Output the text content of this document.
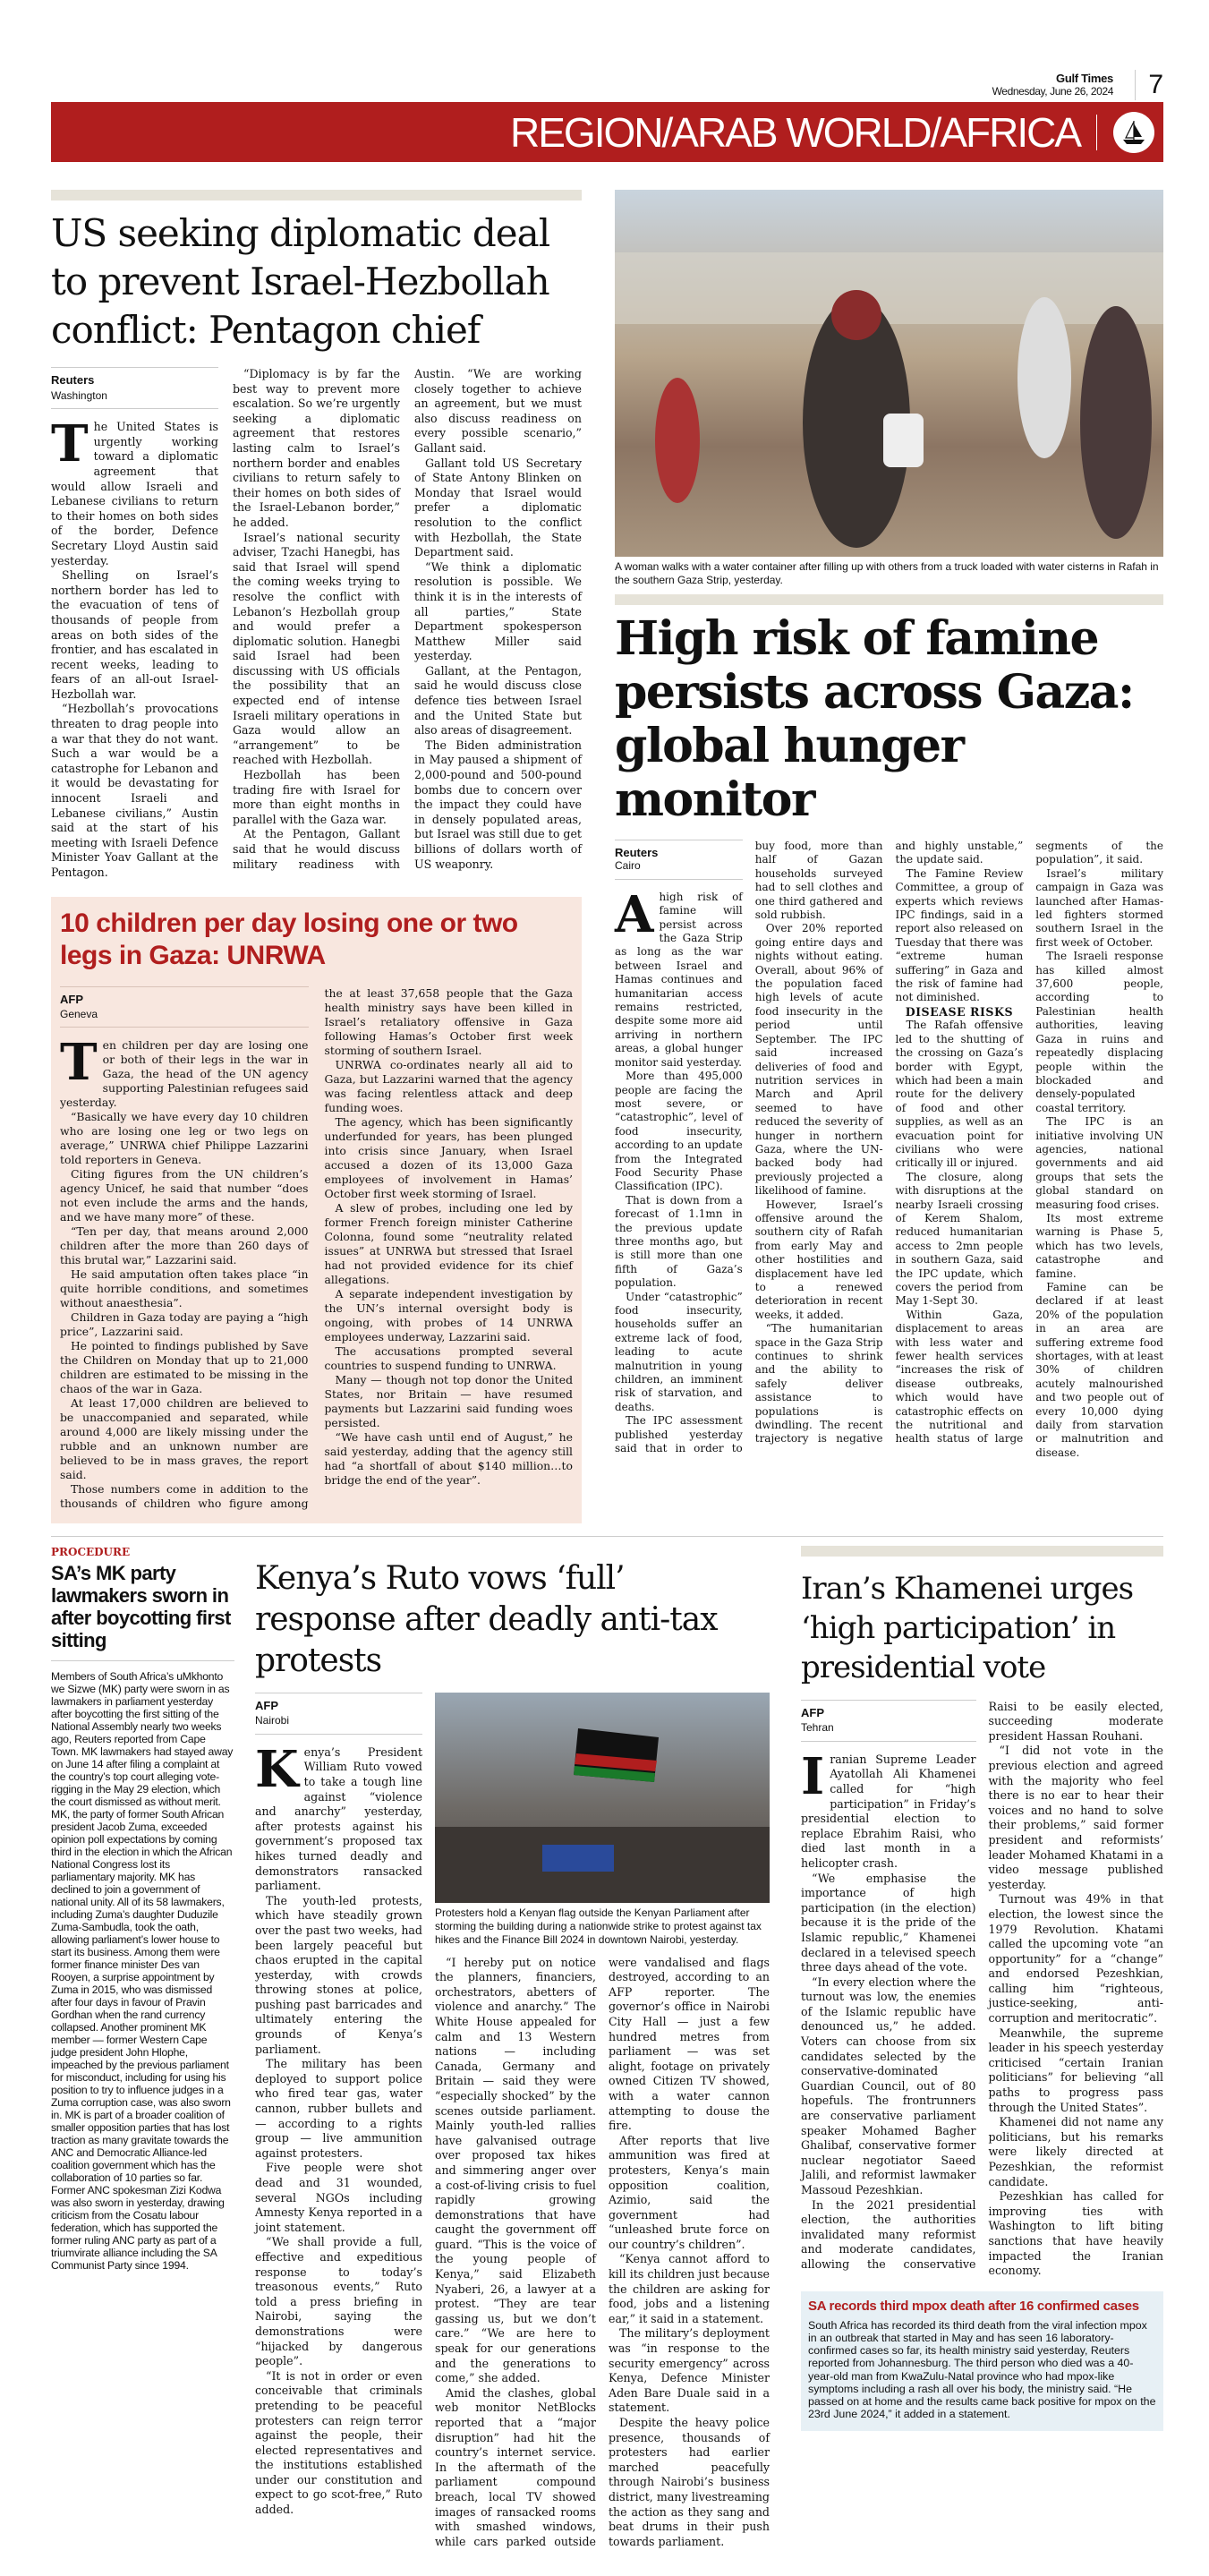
Gulf Times
Wednesday, June 26, 2024	7
REGION/ARAB WORLD/AFRICA
US seeking diplomatic deal to prevent Israel-Hezbollah conflict: Pentagon chief
Reuters
Washington

The United States is urgently working toward a diplomatic agreement that would allow Israeli and Lebanese civilians to return to their homes on both sides of the border, Defence Secretary Lloyd Austin said yesterday.

Shelling on Israel’s northern border has led to the evacuation of tens of thousands of people from areas on both sides of the frontier, and has escalated in recent weeks, leading to fears of an all-out Israel-Hezbollah war.

“Hezbollah’s provocations threaten to drag people into a war that they do not want. Such a war would be a catastrophe for Lebanon and it would be devastating for innocent Israeli and Lebanese civilians,” Austin said at the start of his meeting with Israeli Defence Minister Yoav Gallant at the Pentagon.

“Diplomacy is by far the best way to prevent more escalation. So we’re urgently seeking a diplomatic agreement that restores lasting calm to Israel’s northern border and enables civilians to return safely to their homes on both sides of the Israel-Lebanon border,” he added.

Israel’s national security adviser, Tzachi Hanegbi, has said that Israel will spend the coming weeks trying to resolve the conflict with Lebanon’s Hezbollah group and would prefer a diplomatic solution. Hanegbi said Israel had been discussing with US officials the possibility that an expected end of intense Israeli military operations in Gaza would allow an “arrangement” to be reached with Hezbollah.

Hezbollah has been trading fire with Israel for more than eight months in parallel with the Gaza war.

At the Pentagon, Gallant said that he would discuss military readiness with Austin. “We are working closely together to achieve an agreement, but we must also discuss readiness on every possible scenario,” Gallant said.

Gallant told US Secretary of State Antony Blinken on Monday that Israel would prefer a diplomatic resolution to the conflict with Hezbollah, the State Department said.

“We think a diplomatic resolution is possible. We think it is in the interests of all parties,” State Department spokesperson Matthew Miller said yesterday.

Gallant, at the Pentagon, said he would discuss close defence ties between Israel and the United State but also areas of disagreement.

The Biden administration in May paused a shipment of 2,000-pound and 500-pound bombs due to concern over the impact they could have in densely populated areas, but Israel was still due to get billions of dollars worth of US weaponry.

10 children per day losing one or two legs in Gaza: UNRWA
AFP
Geneva

Ten children per day are losing one or both of their legs in the war in Gaza, the head of the UN agency supporting Palestinian refugees said yesterday.

“Basically we have every day 10 children who are losing one leg or two legs on average,” UNRWA chief Philippe Lazzarini told reporters in Geneva.

Citing figures from the UN children’s agency Unicef, he said that number “does not even include the arms and the hands, and we have many more” of these.

“Ten per day, that means around 2,000 children after the more than 260 days of this brutal war,” Lazzarini said.

He said amputation often takes place “in quite horrible conditions, and sometimes without anaesthesia”.

Children in Gaza today are paying a “high price”, Lazzarini said.

He pointed to findings published by Save the Children on Monday that up to 21,000 children are estimated to be missing in the chaos of the war in Gaza.

At least 17,000 children are believed to be unaccompanied and separated, while around 4,000 are likely missing under the rubble and an unknown number are believed to be in mass graves, the report said.

Those numbers come in addition to the thousands of children who figure among the at least 37,658 people that the Gaza health ministry says have been killed in Israel’s retaliatory offensive in Gaza following Hamas’s October first week storming of southern Israel.

UNRWA co-ordinates nearly all aid to Gaza, but Lazzarini warned that the agency was facing relentless attack and deep funding woes.

The agency, which has been significantly underfunded for years, has been plunged into crisis since January, when Israel accused a dozen of its 13,000 Gaza employees of involvement in Hamas’ October first week storming of Israel.

A slew of probes, including one led by former French foreign minister Catherine Colonna, found some “neutrality related issues” at UNRWA but stressed that Israel had not provided evidence for its chief allegations.

A separate independent investigation by the UN’s internal oversight body is ongoing, with probes of 14 UNRWA employees underway, Lazzarini said.

The accusations prompted several countries to suspend funding to UNRWA.

Many — though not top donor the United States, nor Britain — have resumed payments but Lazzarini said funding woes persisted.

“We have cash until end of August,” he said yesterday, adding that the agency still had “a shortfall of about $140 million…to bridge the end of the year”.

A woman walks with a water container after filling up with others from a truck loaded with water cisterns in Rafah in the southern Gaza Strip, yesterday.
High risk of famine persists across Gaza: global hunger monitor
Reuters
Cairo

Ahigh risk of famine will persist across the Gaza Strip as long as the war between Israel and Hamas continues and humanitarian access remains restricted, despite some more aid arriving in northern areas, a global hunger monitor said yesterday.

More than 495,000 people are facing the most severe, or “catastrophic”, level of food insecurity, according to an update from the Integrated Food Security Phase Classification (IPC).

That is down from a forecast of 1.1mn in the previous update three months ago, but is still more than one fifth of Gaza’s population.

Under “catastrophic” food insecurity, households suffer an extreme lack of food, leading to acute malnutrition in young children, an imminent risk of starvation, and deaths.

The IPC assessment published yesterday said that in order to buy food, more than half of Gazan households surveyed had to sell clothes and one third gathered and sold rubbish.

Over 20% reported going entire days and nights without eating. Overall, about 96% of the population faced high levels of acute food insecurity in the period until September. The IPC said increased deliveries of food and nutrition services in March and April seemed to have reduced the severity of hunger in northern Gaza, where the UN-backed body had previously projected a likelihood of famine.

However, Israel’s offensive around the southern city of Rafah from early May and other hostilities and displacement have led to a renewed deterioration in recent weeks, it added.

“The humanitarian space in the Gaza Strip continues to shrink and the ability to safely deliver assistance to populations is dwindling. The recent trajectory is negative and highly unstable,” the update said.

The Famine Review Committee, a group of experts which reviews IPC findings, said in a report also released on Tuesday that there was “extreme human suffering” in Gaza and the risk of famine had not diminished.

DISEASE RISKS

The Rafah offensive led to the shutting of the crossing on Gaza’s border with Egypt, which had been a main route for the delivery of food and other supplies, as well as an evacuation point for civilians who were critically ill or injured.

The closure, along with disruptions at the nearby Israeli crossing of Kerem Shalom, reduced humanitarian access to 2mn people in southern Gaza, said the IPC update, which covers the period from May 1-Sept 30.

Within Gaza, displacement to areas with less water and fewer health services “increases the risk of disease outbreaks, which would have catastrophic effects on the nutritional and health status of large segments of the population”, it said.

Israel’s military campaign in Gaza was launched after Hamas-led fighters stormed southern Israel in the first week of October.

The Israeli response has killed almost 37,600 people, according to Palestinian health authorities, leaving Gaza in ruins and repeatedly displacing people within the blockaded and densely-populated coastal territory.

The IPC is an initiative involving UN agencies, national governments and aid groups that sets the global standard on measuring food crises.

Its most extreme warning is Phase 5, which has two levels, catastrophe and famine.

Famine can be declared if at least 20% of the population in an area are suffering extreme food shortages, with at least 30% of children acutely malnourished and two people out of every 10,000 dying daily from starvation or malnutrition and disease.

PROCEDURE
SA’s MK party lawmakers sworn in after boycotting first sitting

Members of South Africa’s uMkhonto we Sizwe (MK) party were sworn in as lawmakers in parliament yesterday after boycotting the first sitting of the National Assembly nearly two weeks ago, Reuters reported from Cape Town. MK lawmakers had stayed away on June 14 after filing a complaint at the country’s top court alleging vote-rigging in the May 29 election, which the court dismissed as without merit. MK, the party of former South African president Jacob Zuma, exceeded opinion poll expectations by coming third in the election in which the African National Congress lost its parliamentary majority. MK has declined to join a government of national unity. All of its 58 lawmakers, including Zuma’s daughter Duduzile Zuma-Sambudla, took the oath, allowing parliament’s lower house to start its business. Among them were former finance minister Des van Rooyen, a surprise appointment by Zuma in 2015, who was dismissed after four days in favour of Pravin Gordhan when the rand currency collapsed. Another prominent MK member — former Western Cape judge president John Hlophe, impeached by the previous parliament for misconduct, including for using his position to try to influence judges in a Zuma corruption case, was also sworn in. MK is part of a broader coalition of smaller opposition parties that has lost traction as many gravitate towards the ANC and Democratic Alliance-led coalition government which has the collaboration of 10 parties so far. Former ANC spokesman Zizi Kodwa was also sworn in yesterday, drawing criticism from the Cosatu labour federation, which has supported the former ruling ANC party as part of a triumvirate alliance including the SA Communist Party since 1994.

Kenya’s Ruto vows ‘full’ response after deadly anti-tax protests
AFP
Nairobi

Kenya’s President William Ruto vowed to take a tough line against “violence and anarchy” yesterday, after protests against his government’s proposed tax hikes turned deadly and demonstrators ransacked parliament.

The youth-led protests, which have steadily grown over the past two weeks, had been largely peaceful but chaos erupted in the capital yesterday, with crowds throwing stones at police, pushing past barricades and ultimately entering the grounds of Kenya’s parliament.

The military has been deployed to support police who fired tear gas, water cannon, rubber bullets and — according to a rights group — live ammunition against protesters.

Five people were shot dead and 31 wounded, several NGOs including Amnesty Kenya reported in a joint statement.

“We shall provide a full, effective and expeditious response to today’s treasonous events,” Ruto told a press briefing in Nairobi, saying the demonstrations were “hijacked by dangerous people”.

“It is not in order or even conceivable that criminals pretending to be peaceful protesters can reign terror against the people, their elected representatives and the institutions established under our constitution and expect to go scot-free,” Ruto added.

Protesters hold a Kenyan flag outside the Kenyan Parliament after storming the building during a nationwide strike to protest against tax hikes and the Finance Bill 2024 in downtown Nairobi, yesterday.

“I hereby put on notice the planners, financiers, orchestrators, abetters of violence and anarchy.” The White House appealed for calm and 13 Western nations — including Canada, Germany and Britain — said they were “especially shocked” by the scenes outside parliament. Mainly youth-led rallies have galvanised outrage over proposed tax hikes and simmering anger over a cost-of-living crisis to fuel rapidly growing demonstrations that have caught the government off guard. “This is the voice of the young people of Kenya,” said Elizabeth Nyaberi, 26, a lawyer at a protest. “They are tear gassing us, but we don’t care.” “We are here to speak for our generations and the generations to come,” she added.

Amid the clashes, global web monitor NetBlocks reported that a “major disruption” had hit the country’s internet service. In the aftermath of the parliament compound breach, local TV showed images of ransacked rooms with smashed windows, while cars parked outside were vandalised and flags destroyed, according to an AFP reporter. The governor’s office in Nairobi City Hall — just a few hundred metres from parliament — was set alight, footage on privately owned Citizen TV showed, with a water cannon attempting to douse the fire.

After reports that live ammunition was fired at protesters, Kenya’s main opposition coalition, Azimio, said the government had “unleashed brute force on our country’s children”.

“Kenya cannot afford to kill its children just because the children are asking for food, jobs and a listening ear,” it said in a statement.

The military’s deployment was “in response to the security emergency” across Kenya, Defence Minister Aden Bare Duale said in a statement.

Despite the heavy police presence, thousands of protesters had earlier marched peacefully through Nairobi’s business district, many livestreaming the action as they sang and beat drums in their push towards parliament.

Iran’s Khamenei urges ‘high participation’ in presidential vote
AFP
Tehran

Iranian Supreme Leader Ayatollah Ali Khamenei called for “high participation” in Friday’s presidential election to replace Ebrahim Raisi, who died last month in a helicopter crash.

“We emphasise the importance of high participation (in the election) because it is the pride of the Islamic republic,” Khamenei declared in a televised speech three days ahead of the vote.

“In every election where the turnout was low, the enemies of the Islamic republic have denounced us,” he added. Voters can choose from six candidates selected by the conservative-dominated Guardian Council, out of 80 hopefuls. The frontrunners are conservative parliament speaker Mohamed Bagher Ghalibaf, conservative former nuclear negotiator Saeed Jalili, and reformist lawmaker Massoud Pezeshkian.

In the 2021 presidential election, the authorities invalidated many reformist and moderate candidates, allowing the conservative Raisi to be easily elected, succeeding moderate president Hassan Rouhani.

“I did not vote in the previous election and agreed with the majority who feel there is no ear to hear their voices and no hand to solve their problems,” said former president and reformists’ leader Mohamed Khatami in a video message published yesterday.

Turnout was 49% in that election, the lowest since the 1979 Revolution. Khatami called the upcoming vote “an opportunity” for a “change” and endorsed Pezeshkian, calling him “righteous, justice-seeking, anti-corruption and meritocratic”.

Meanwhile, the supreme leader in his speech yesterday criticised “certain Iranian politicians” for believing “all paths to progress pass through the United States”.

Khamenei did not name any politicians, but his remarks were likely directed at Pezeshkian, the reformist candidate.

Pezeshkian has called for improving ties with Washington to lift biting sanctions that have heavily impacted the Iranian economy.

SA records third mpox death after 16 confirmed cases

South Africa has recorded its third death from the viral infection mpox in an outbreak that started in May and has seen 16 laboratory-confirmed cases so far, its health ministry said yesterday, Reuters reported from Johannesburg. The third person who died was a 40-year-old man from KwaZulu-Natal province who had mpox-like symptoms including a rash all over his body, the ministry said. “He passed on at home and the results came back positive for mpox on the 23rd June 2024,” it added in a statement.
